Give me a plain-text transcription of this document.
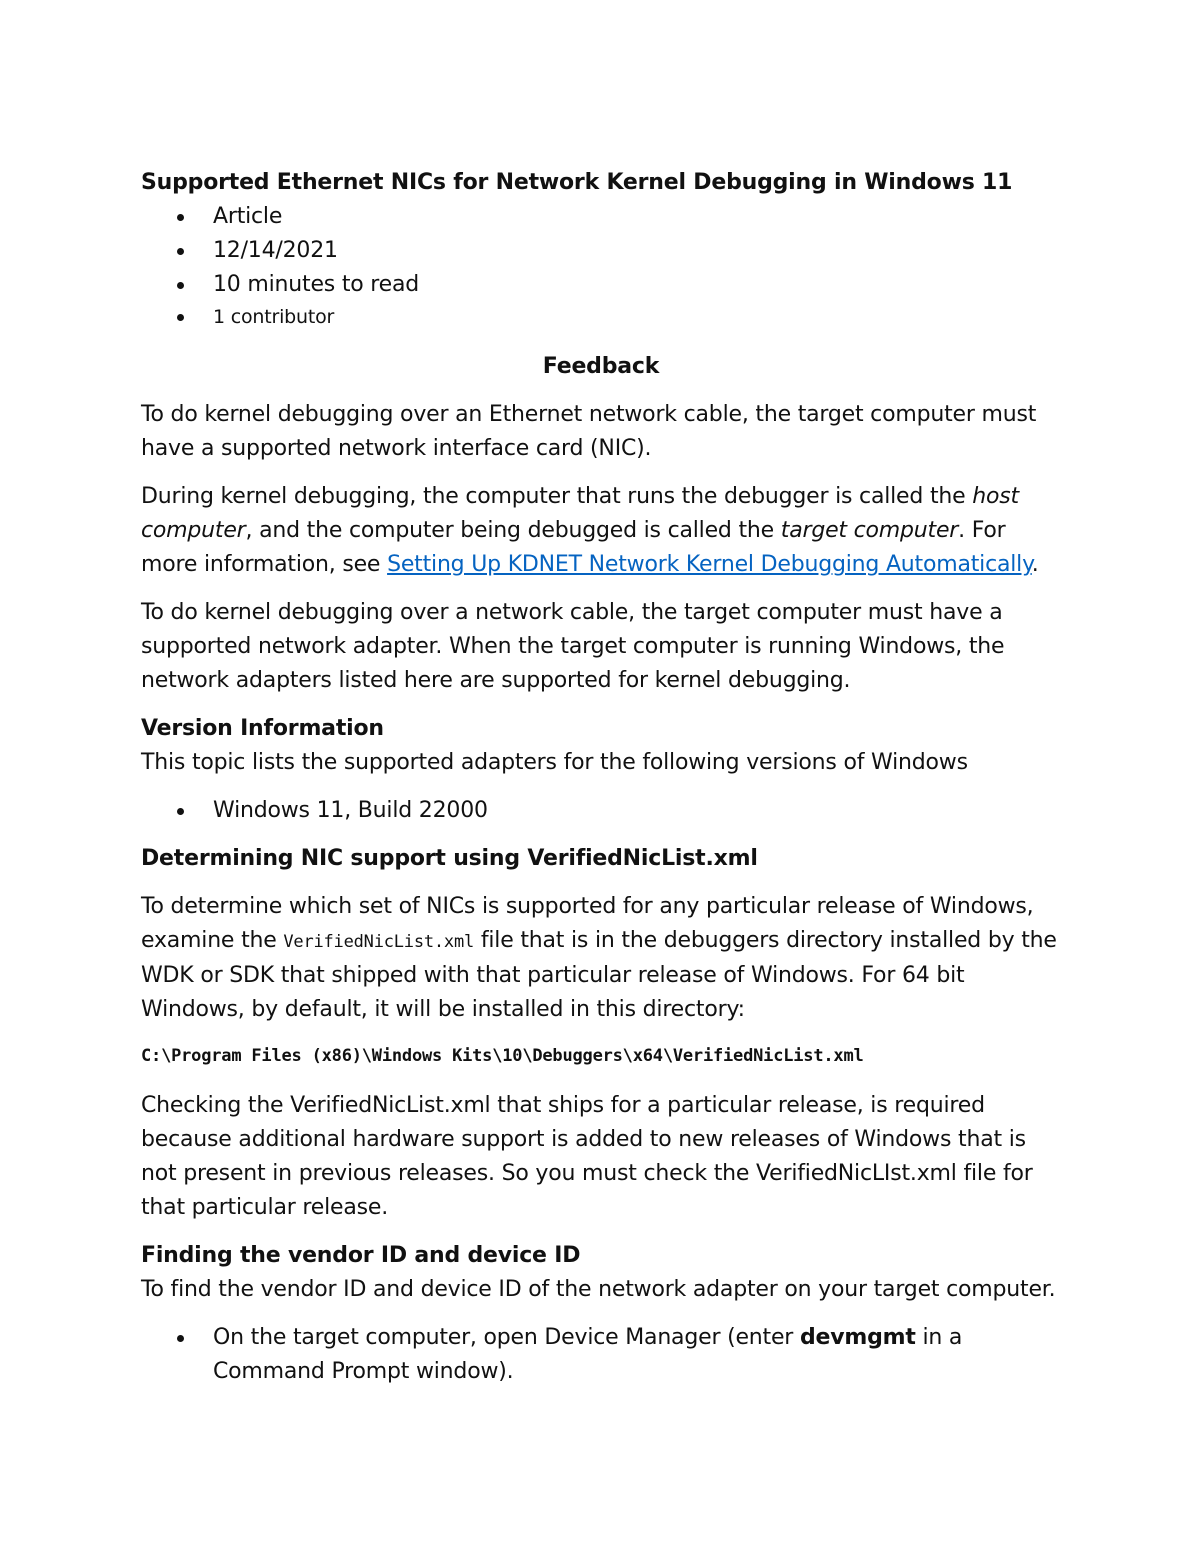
Supported Ethernet NICs for Network Kernel Debugging in Windows 11
Article
12/14/2021
10 minutes to read
1 contributor
Feedback

To do kernel debugging over an Ethernet network cable, the target computer must have a supported network interface card (NIC).

During kernel debugging, the computer that runs the debugger is called the host computer, and the computer being debugged is called the target computer. For more information, see Setting Up KDNET Network Kernel Debugging Automatically.

To do kernel debugging over a network cable, the target computer must have a supported network adapter. When the target computer is running Windows, the network adapters listed here are supported for kernel debugging.

Version Information
This topic lists the supported adapters for the following versions of Windows
Windows 11, Build 22000
Determining NIC support using VerifiedNicList.xml

To determine which set of NICs is supported for any particular release of Windows, examine the VerifiedNicList.xml file that is in the debuggers directory installed by the WDK or SDK that shipped with that particular release of Windows. For 64 bit Windows, by default, it will be installed in this directory:

C:\Program Files (x86)\Windows Kits\10\Debuggers\x64\VerifiedNicList.xml

Checking the VerifiedNicList.xml that ships for a particular release, is required because additional hardware support is added to new releases of Windows that is not present in previous releases. So you must check the VerifiedNicLIst.xml file for that particular release.

Finding the vendor ID and device ID
To find the vendor ID and device ID of the network adapter on your target computer.
On the target computer, open Device Manager (enter devmgmt in a Command Prompt window).
